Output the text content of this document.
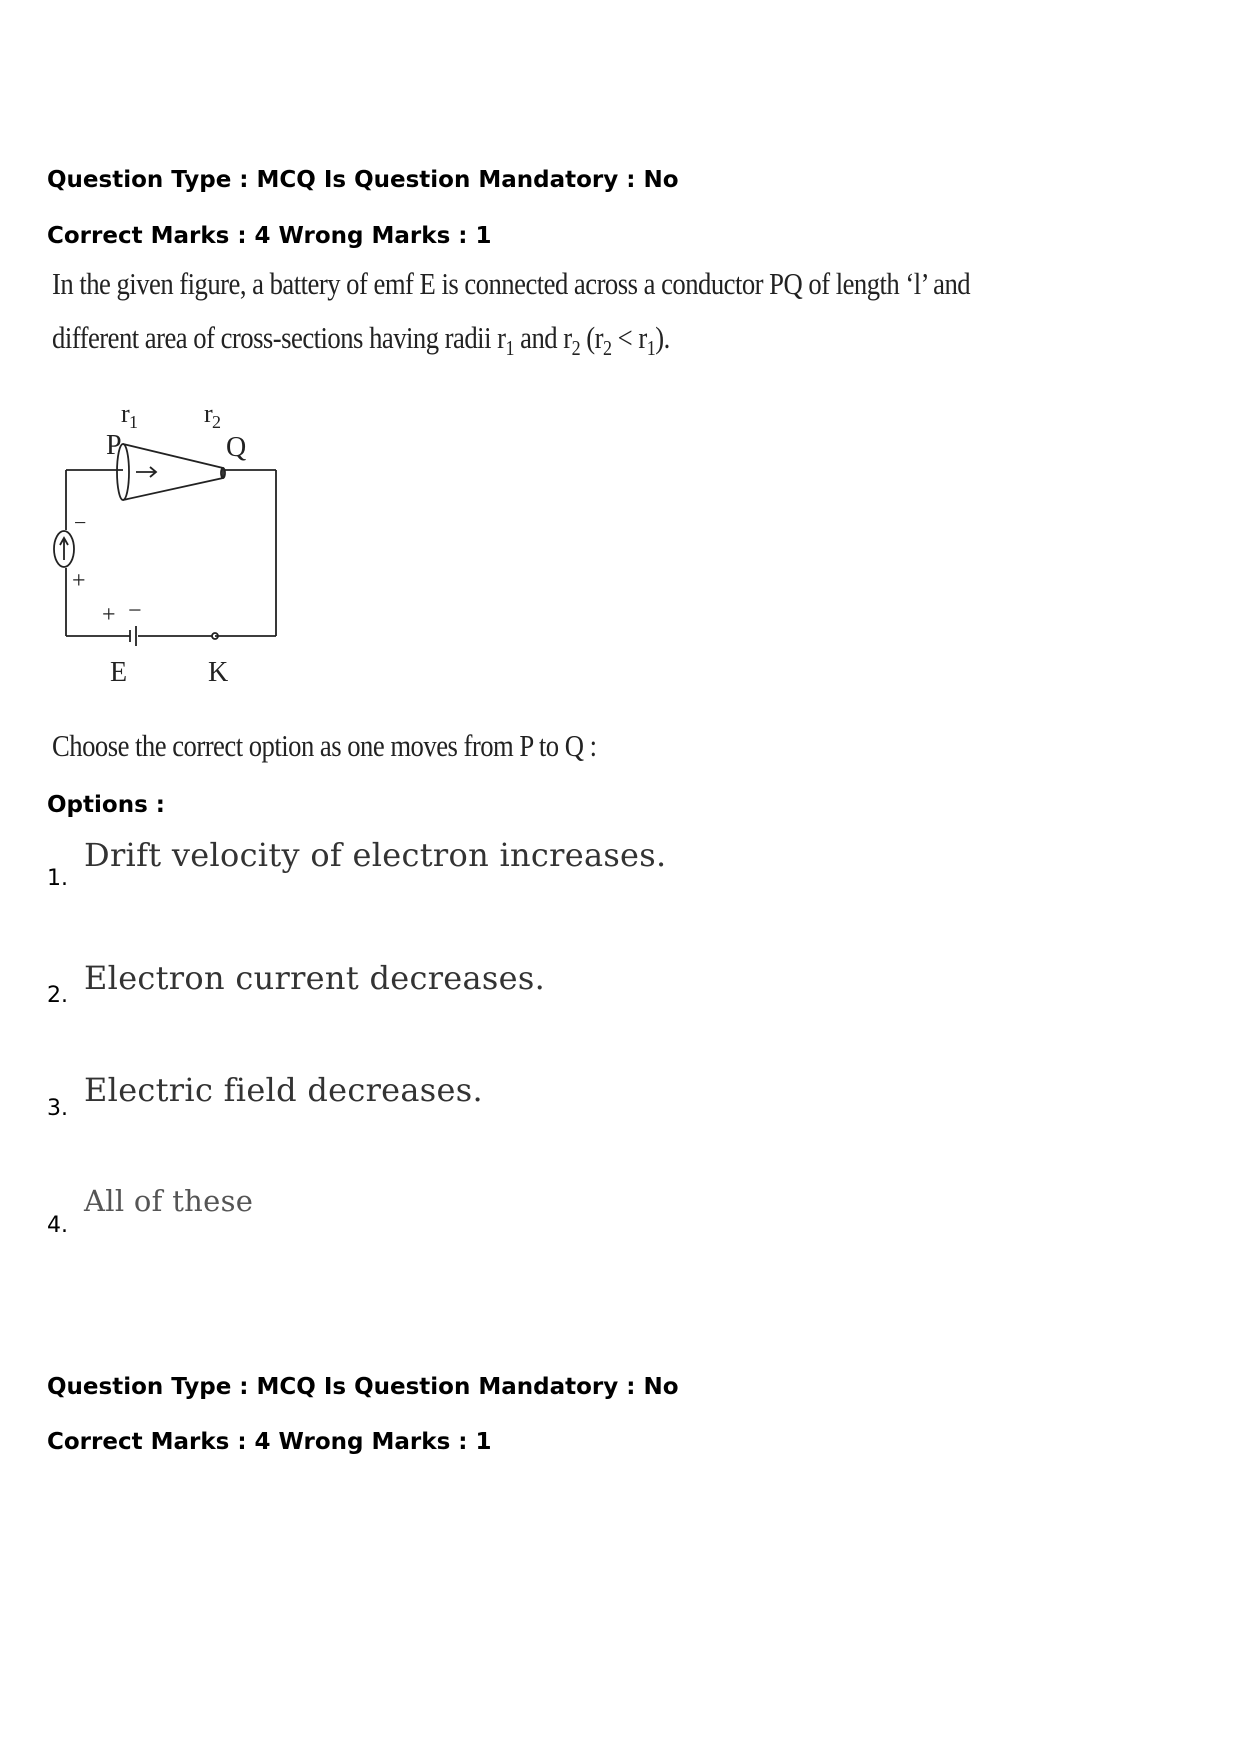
Question Type : MCQ Is Question Mandatory : No
Correct Marks : 4 Wrong Marks : 1
In the given figure, a battery of emf E is connected across a conductor PQ of length ‘l’ and
different area of cross-sections having radii $r_1$ and $r_2$ $(r_2 < r_1)$.
r 1	r 2
P	Q
−
+
+ −
E	K
Choose the correct option as one moves from P to Q :
Options :
1.
Drift velocity of electron increases.
2. Electron current decreases.
3. Electric field decreases.
4.
All of these
Question Type : MCQ Is Question Mandatory : No
Correct Marks : 4 Wrong Marks : 1
